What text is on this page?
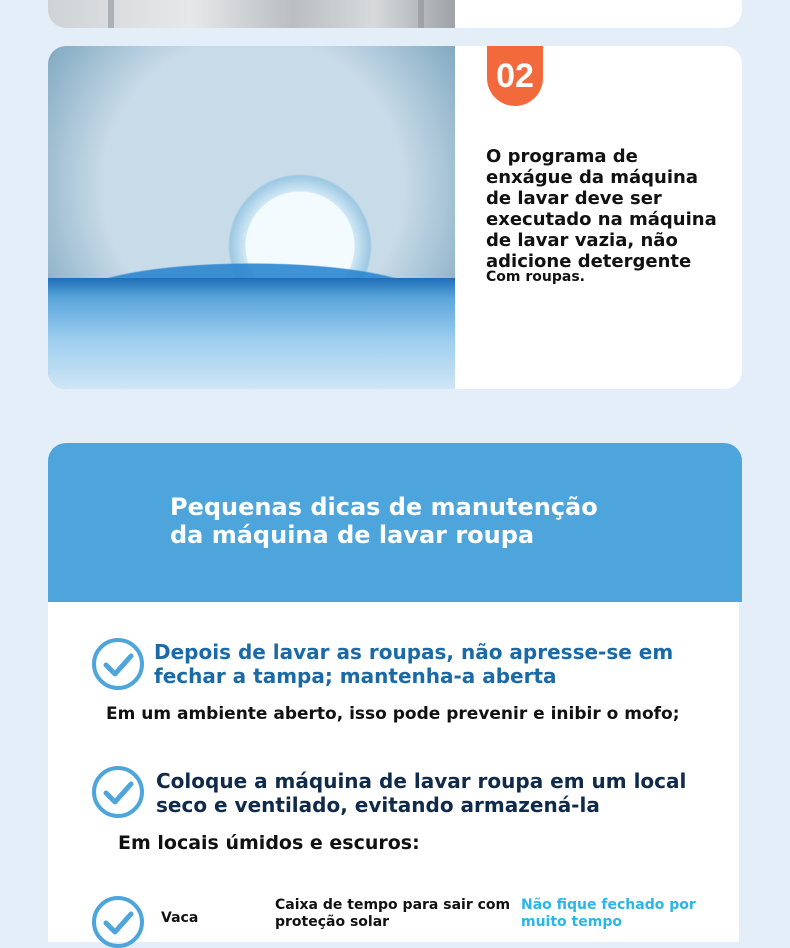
02
O programa de enxágue da máquina de lavar deve ser executado na máquina de lavar vazia, não adicione detergente
Com roupas.
Pequenas dicas de manutenção da máquina de lavar roupa
Depois de lavar as roupas, não apresse-se em fechar a tampa; mantenha-a aberta
Em um ambiente aberto, isso pode prevenir e inibir o mofo;
Coloque a máquina de lavar roupa em um local seco e ventilado, evitando armazená-la
Em locais úmidos e escuros:
Vaca
Caixa de tempo para sair com proteção solar
Não fique fechado por muito tempo
